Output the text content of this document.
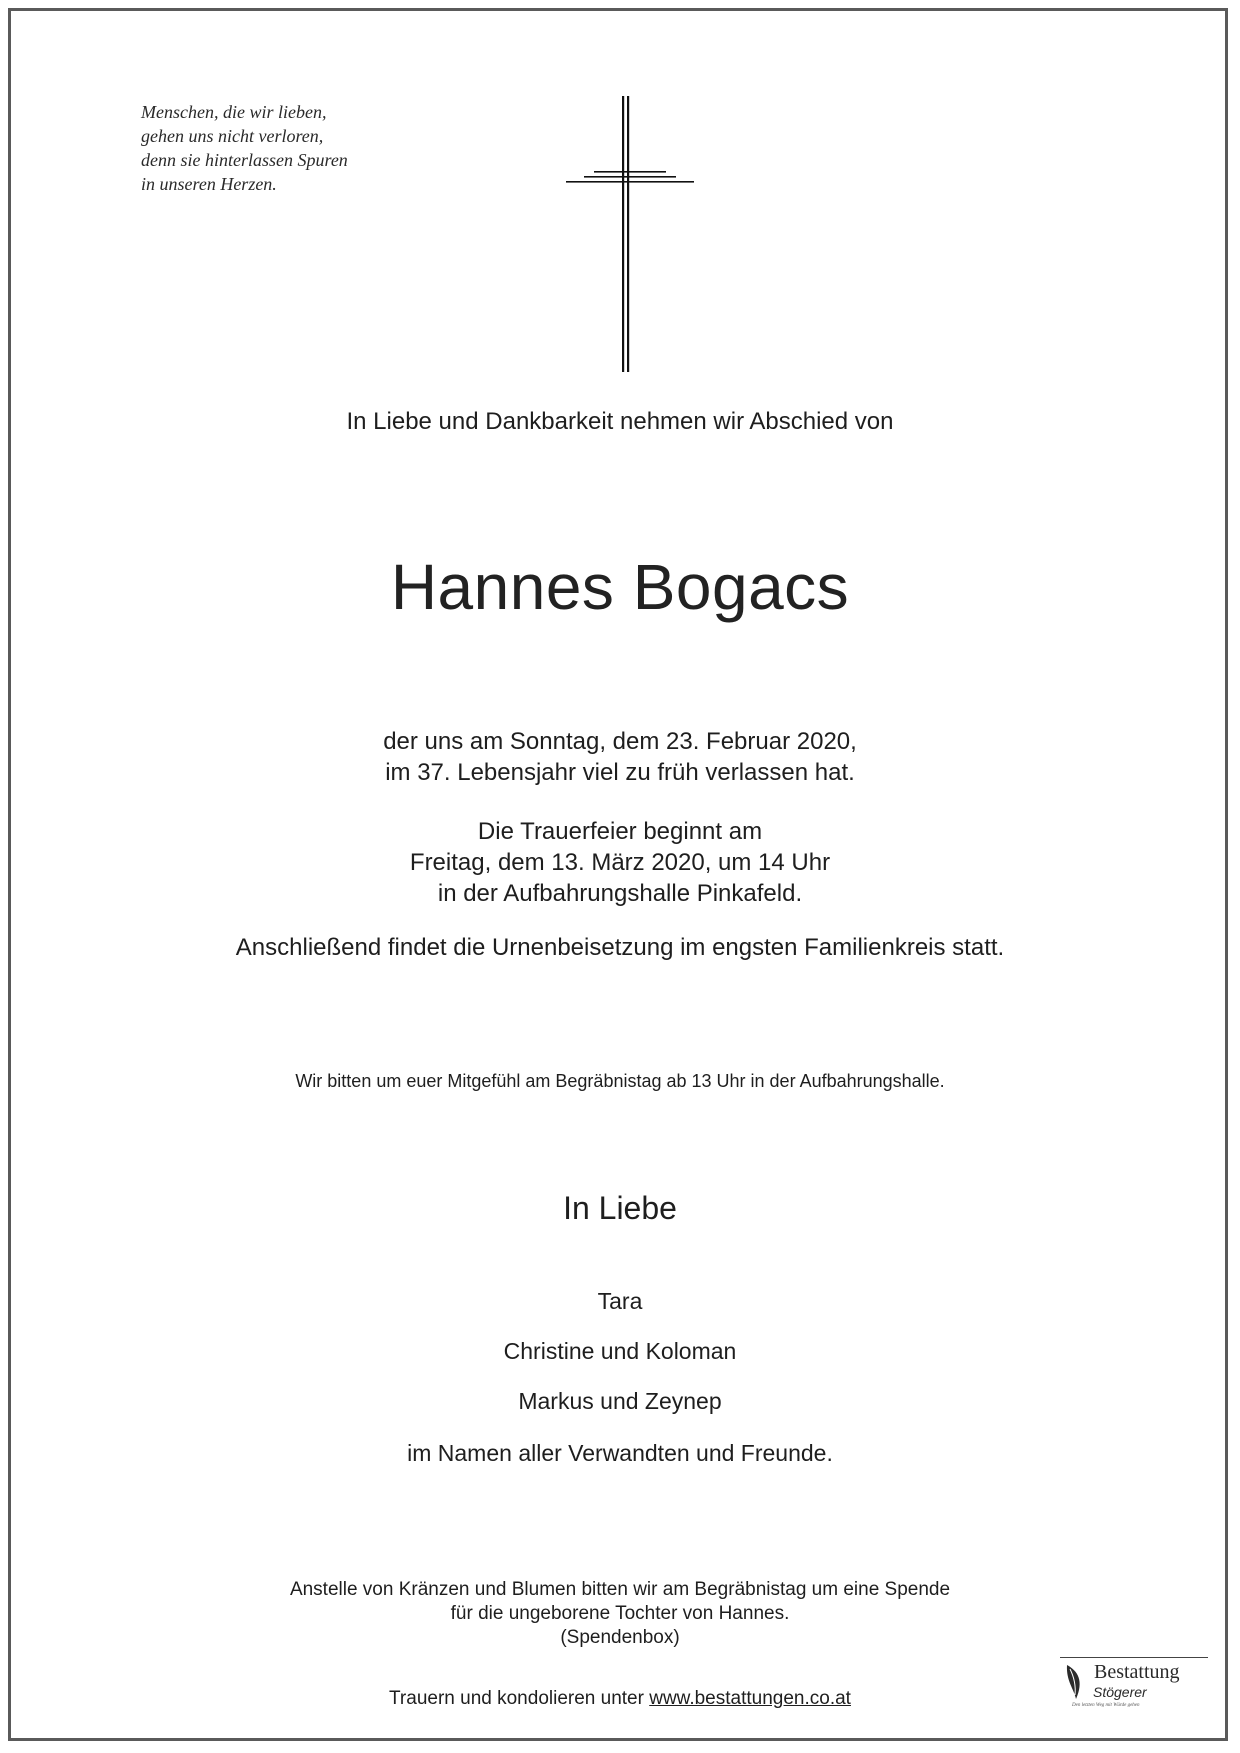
Menschen, die wir lieben,
gehen uns nicht verloren,
denn sie hinterlassen Spuren
in unseren Herzen.
In Liebe und Dankbarkeit nehmen wir Abschied von
Hannes Bogacs
der uns am Sonntag, dem 23. Februar 2020,
im 37. Lebensjahr viel zu früh verlassen hat.
Die Trauerfeier beginnt am
Freitag, dem 13. März 2020, um 14 Uhr
in der Aufbahrungshalle Pinkafeld.
Anschließend findet die Urnenbeisetzung im engsten Familienkreis statt.
Wir bitten um euer Mitgefühl am Begräbnistag ab 13 Uhr in der Aufbahrungshalle.
In Liebe
Tara
Christine und Koloman
Markus und Zeynep
im Namen aller Verwandten und Freunde.
Anstelle von Kränzen und Blumen bitten wir am Begräbnistag um eine Spende
für die ungeborene Tochter von Hannes.
(Spendenbox)
Trauern und kondolieren unter www.bestattungen.co.at
Bestattung
Stögerer
Den letzten Weg mit Würde gehen
